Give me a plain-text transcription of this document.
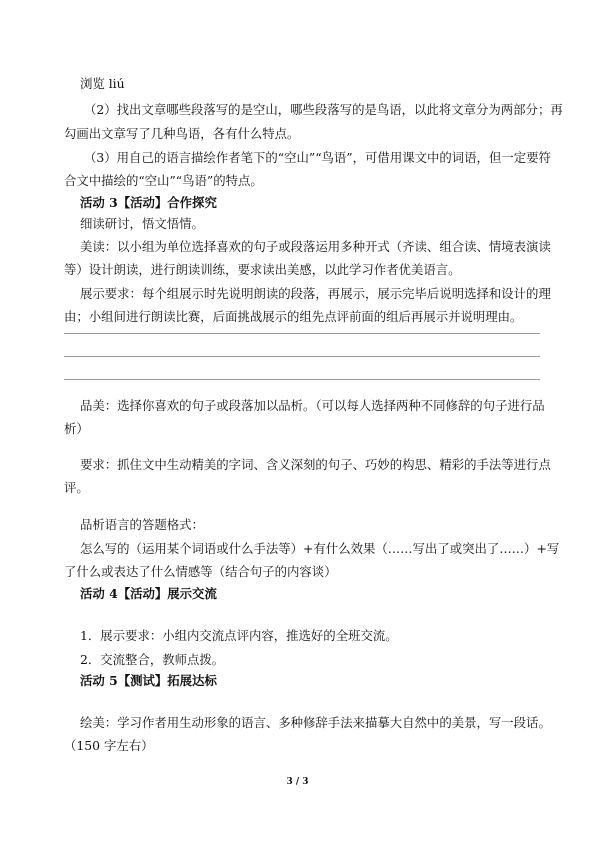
浏览 liú
（2）找出文章哪些段落写的是空山，哪些段落写的是鸟语，以此将文章分为两部分；再
勾画出文章写了几种鸟语，各有什么特点。
（3）用自己的语言描绘作者笔下的“空山”“鸟语”，可借用课文中的词语，但一定要符
合文中描绘的“空山”“鸟语”的特点。
活动 3【活动】合作探究
细读研讨，悟文悟情。
美读：以小组为单位选择喜欢的句子或段落运用多种开式（齐读、组合读、情境表演读
等）设计朗读，进行朗读训练，要求读出美感，以此学习作者优美语言。
展示要求：每个组展示时先说明朗读的段落，再展示，展示完毕后说明选择和设计的理
由；小组间进行朗读比赛，后面挑战展示的组先点评前面的组后再展示并说明理由。
品美：选择你喜欢的句子或段落加以品析。（可以每人选择两种不同修辞的句子进行品
析）
要求：抓住文中生动精美的字词、含义深刻的句子、巧妙的构思、精彩的手法等进行点
评。
品析语言的答题格式：
怎么写的（运用某个词语或什么手法等）+有什么效果（……写出了或突出了……）+写
了什么或表达了什么情感等（结合句子的内容谈）
活动 4【活动】展示交流
1．展示要求：小组内交流点评内容，推选好的全班交流。
2．交流整合，教师点拨。
活动 5【测试】拓展达标
绘美：学习作者用生动形象的语言、多种修辞手法来描摹大自然中的美景，写一段话。
（150 字左右）
3 / 3
